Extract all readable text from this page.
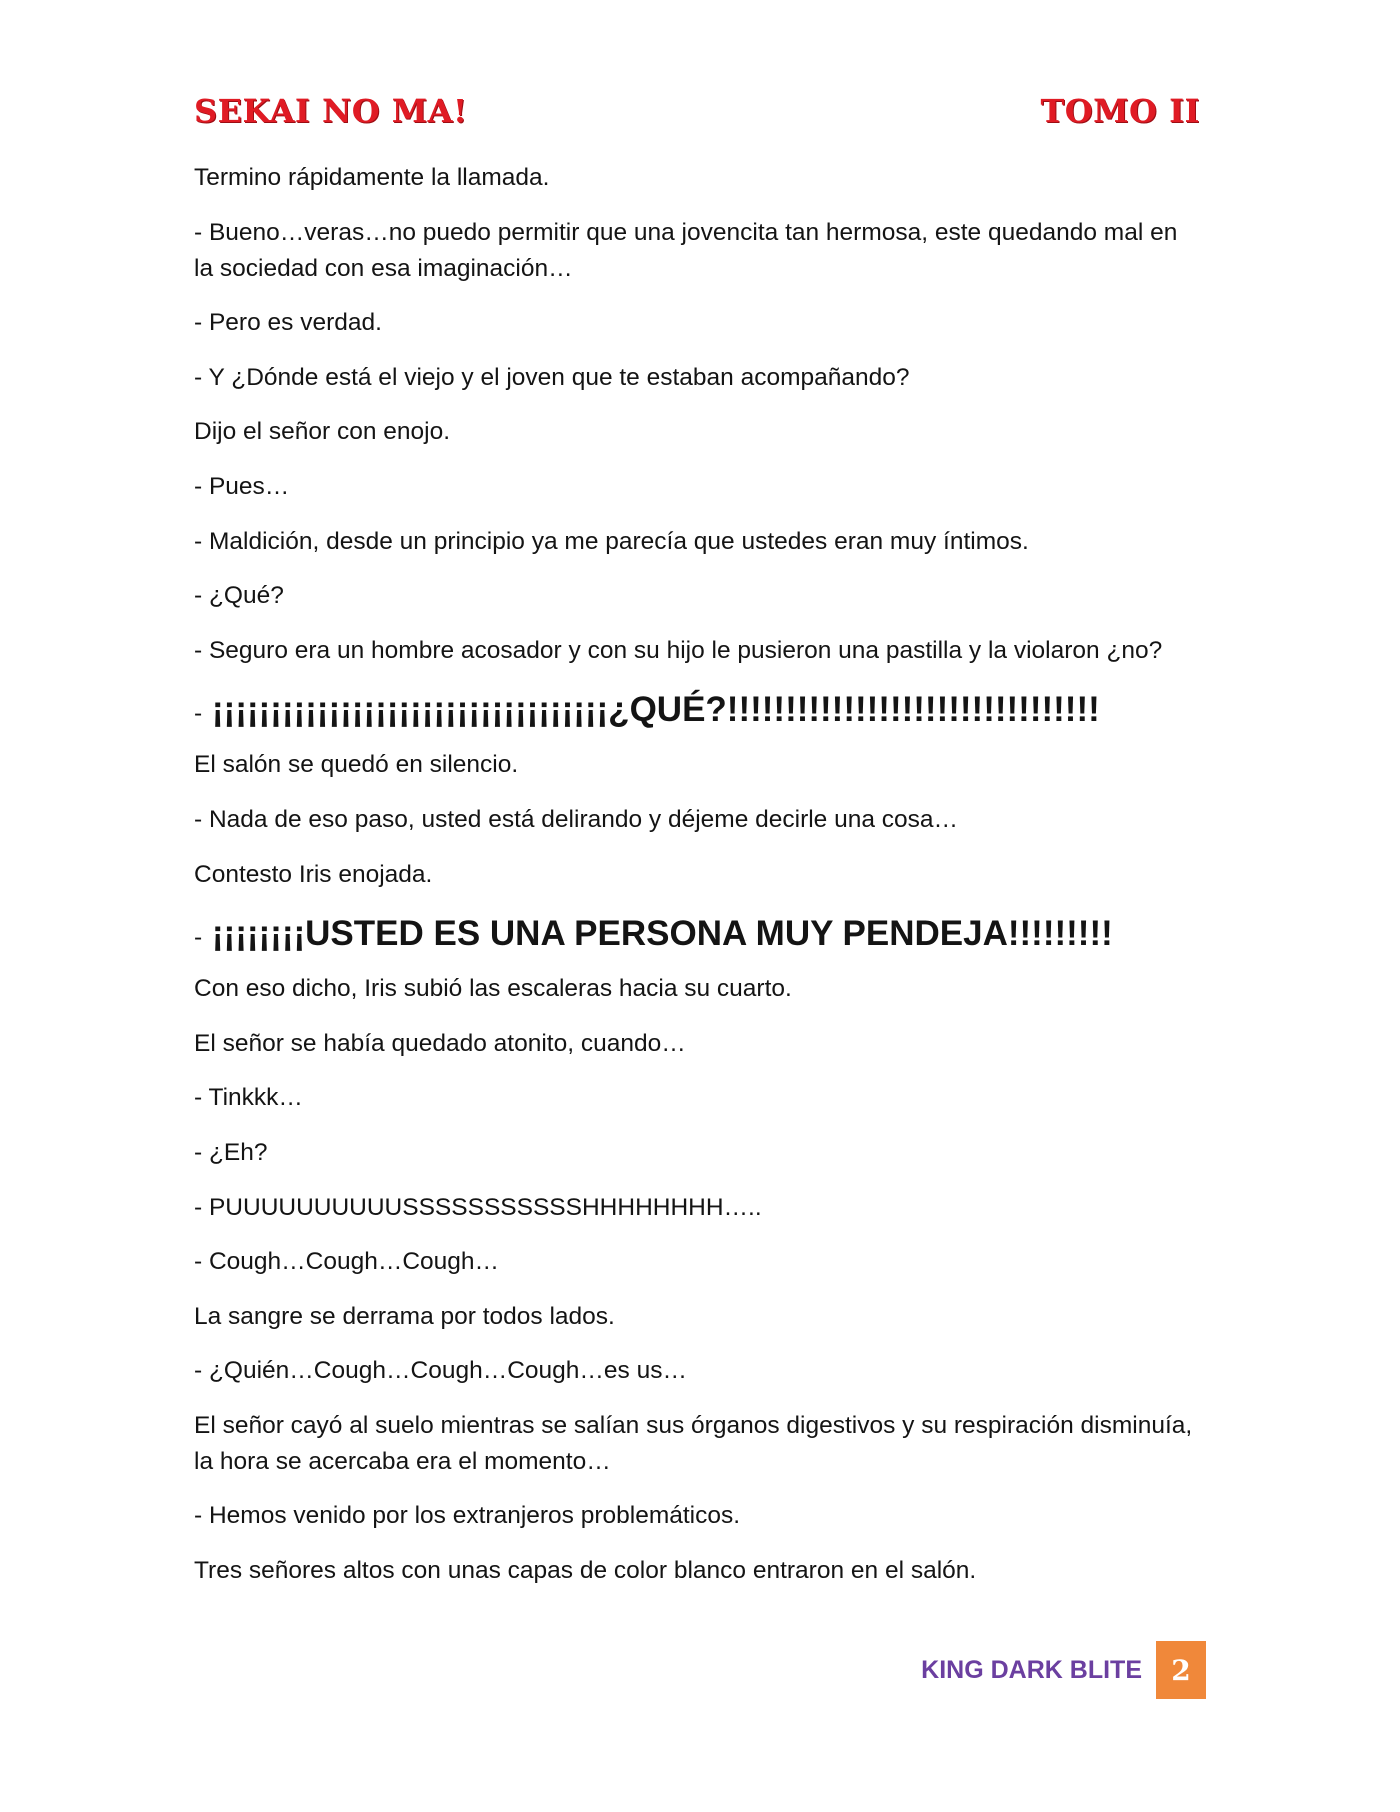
SEKAI NO MA!	TOMO II

Termino rápidamente la llamada.

- Bueno…veras…no puedo permitir que una jovencita tan hermosa, este quedando mal en la sociedad con esa imaginación…

- Pero es verdad.

- Y ¿Dónde está el viejo y el joven que te estaban acompañando?

Dijo el señor con enojo.

- Pues…

- Maldición, desde un principio ya me parecía que ustedes eran muy íntimos.

- ¿Qué?

- Seguro era un hombre acosador y con su hijo le pusieron una pastilla y la violaron ¿no?

- ¡¡¡¡¡¡¡¡¡¡¡¡¡¡¡¡¡¡¡¡¡¡¡¡¡¡¡¡¡¡¡¡¡¡¿QUÉ?!!!!!!!!!!!!!!!!!!!!!!!!!!!!!!!!

El salón se quedó en silencio.

- Nada de eso paso, usted está delirando y déjeme decirle una cosa…

Contesto Iris enojada.

- ¡¡¡¡¡¡¡¡USTED ES UNA PERSONA MUY PENDEJA!!!!!!!!!

Con eso dicho, Iris subió las escaleras hacia su cuarto.

El señor se había quedado atonito, cuando…

- Tinkkk…

- ¿Eh?

- PUUUUUUUUUUSSSSSSSSSSSHHHHHHHH…..

- Cough…Cough…Cough…

La sangre se derrama por todos lados.

- ¿Quién…Cough…Cough…Cough…es us…

El señor cayó al suelo mientras se salían sus órganos digestivos y su respiración disminuía, la hora se acercaba era el momento…

- Hemos venido por los extranjeros problemáticos.

Tres señores altos con unas capas de color blanco entraron en el salón.

KING DARK BLITE	2
